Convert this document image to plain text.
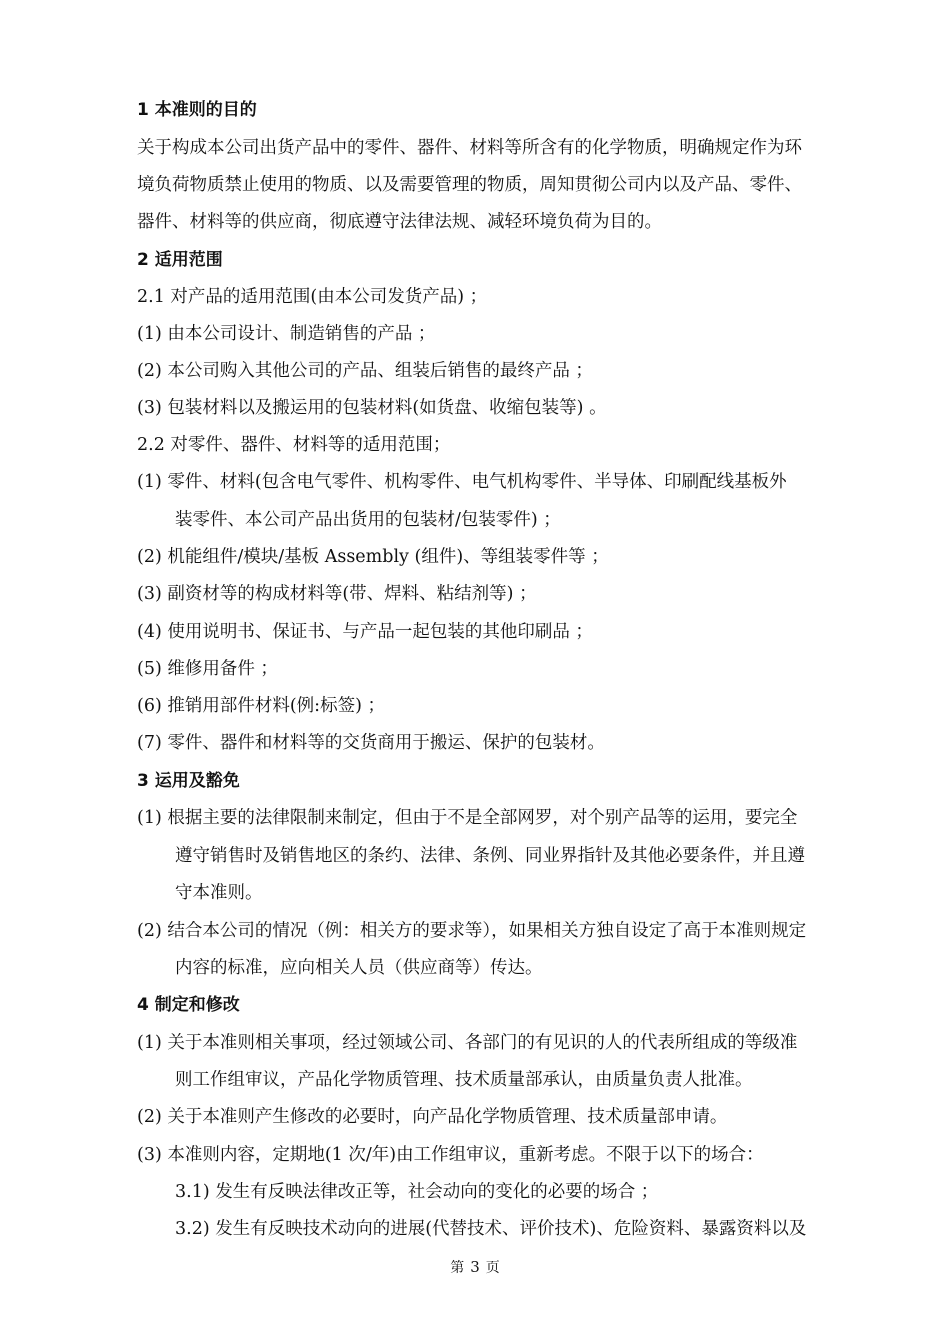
1 本准则的目的
关于构成本公司出货产品中的零件、器件、材料等所含有的化学物质，明确规定作为环
境负荷物质禁止使用的物质、以及需要管理的物质，周知贯彻公司内以及产品、零件、
器件、材料等的供应商，彻底遵守法律法规、减轻环境负荷为目的。
2 适用范围
2.1 对产品的适用范围(由本公司发货产品) ；
(1) 由本公司设计、制造销售的产品 ；
(2) 本公司购入其他公司的产品、组装后销售的最终产品 ；
(3) 包装材料以及搬运用的包装材料(如货盘、收缩包装等) 。
2.2 对零件、器件、材料等的适用范围；
(1) 零件、材料(包含电气零件、机构零件、电气机构零件、半导体、印刷配线基板外
装零件、本公司产品出货用的包装材/包装零件) ；
(2) 机能组件/模块/基板 Assembly (组件)、等组装零件等 ；
(3) 副资材等的构成材料等(带、焊料、粘结剂等) ；
(4) 使用说明书、保证书、与产品一起包装的其他印刷品 ；
(5) 维修用备件 ；
(6) 推销用部件材料(例:标签) ；
(7) 零件、器件和材料等的交货商用于搬运、保护的包装材。
3 运用及豁免
(1) 根据主要的法律限制来制定，但由于不是全部网罗，对个别产品等的运用，要完全
遵守销售时及销售地区的条约、法律、条例、同业界指针及其他必要条件，并且遵
守本准则。
(2) 结合本公司的情况（例：相关方的要求等），如果相关方独自设定了高于本准则规定
内容的标准，应向相关人员（供应商等）传达。
4 制定和修改
(1) 关于本准则相关事项，经过领域公司、各部门的有见识的人的代表所组成的等级准
则工作组审议，产品化学物质管理、技术质量部承认，由质量负责人批准。
(2) 关于本准则产生修改的必要时，向产品化学物质管理、技术质量部申请。
(3) 本准则内容，定期地(1 次/年)由工作组审议，重新考虑。不限于以下的场合：
3.1) 发生有反映法律改正等，社会动向的变化的必要的场合 ；
3.2) 发生有反映技术动向的进展(代替技术、评价技术)、危险资料、暴露资料以及
第 3 页
